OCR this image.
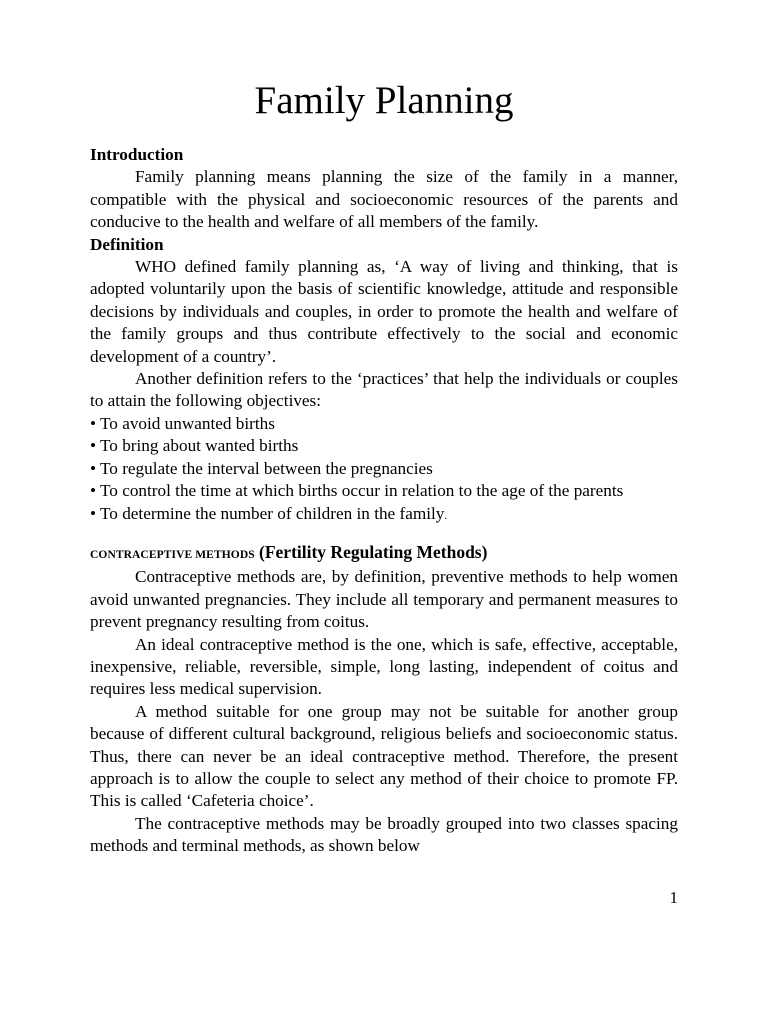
Family Planning

Introduction

Family planning means planning the size of the family in a manner, compatible with the physical and socioeconomic resources of the parents and conducive to the health and welfare of all members of the family.

Definition

WHO defined family planning as, ‘A way of living and thinking, that is adopted voluntarily upon the basis of scientific knowledge, attitude and responsible decisions by individuals and couples, in order to promote the health and welfare of the family groups and thus contribute effectively to the social and economic development of a country’.

Another definition refers to the ‘practices’ that help the individuals or couples to attain the following objectives:

• To avoid unwanted births

• To bring about wanted births

• To regulate the interval between the pregnancies

• To control the time at which births occur in relation to the age of the parents

• To determine the number of children in the family.

CONTRACEPTIVE METHODS (Fertility Regulating Methods)

Contraceptive methods are, by definition, preventive methods to help women avoid unwanted pregnancies. They include all temporary and permanent measures to prevent pregnancy resulting from coitus.

An ideal contraceptive method is the one, which is safe, effective, acceptable, inexpensive, reliable, reversible, simple, long lasting, independent of coitus and requires less medical supervision.

A method suitable for one group may not be suitable for another group because of different cultural background, religious beliefs and socioeconomic status. Thus, there can never be an ideal contraceptive method. Therefore, the present approach is to allow the couple to select any method of their choice to promote FP. This is called ‘Cafeteria choice’.

The contraceptive methods may be broadly grouped into two classes spacing methods and terminal methods, as shown below

1
